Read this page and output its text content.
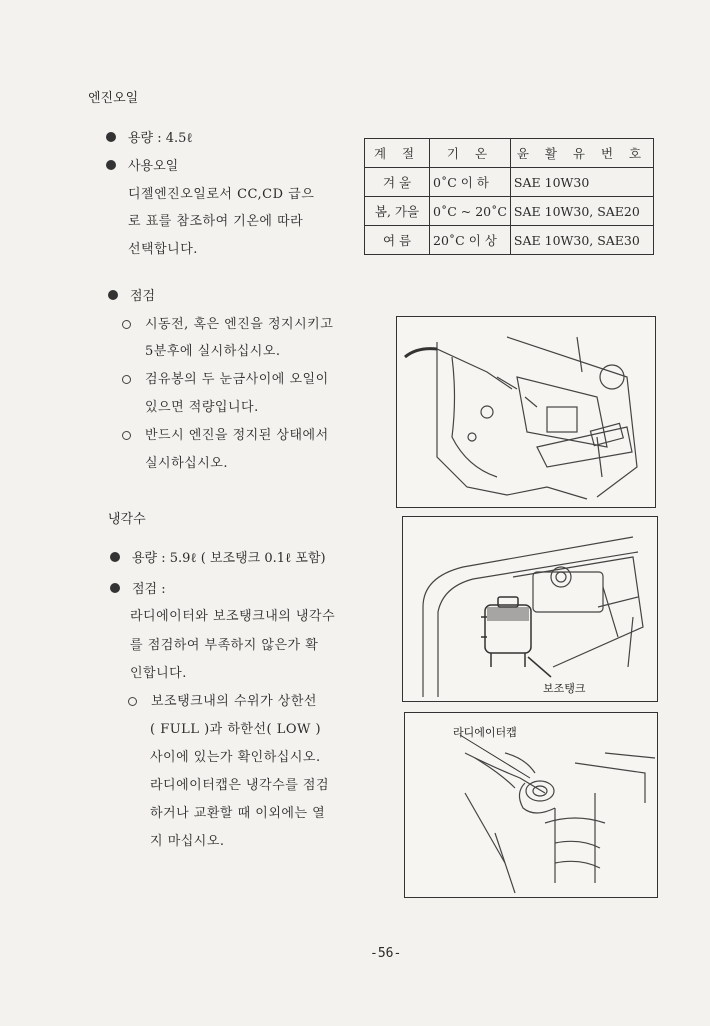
엔진오일
용량 : 4.5ℓ
사용오일
디젤엔진오일로서 CC,CD 급으
로 표를 참조하여 기온에 따라
선택합니다.
계 절	기 온	윤 활 유 번 호
겨 울	0˚C 이 하	SAE 10W30
봄, 가을	0˚C ~ 20˚C	SAE 10W30, SAE20
여 름	20˚C 이 상	SAE 10W30, SAE30
점검
시동전, 혹은 엔진을 정지시키고
5분후에 실시하십시오.
검유봉의 두 눈금사이에 오일이
있으면 적량입니다.
반드시 엔진을 정지된 상태에서
실시하십시오.
냉각수
용량 : 5.9ℓ ( 보조탱크 0.1ℓ 포함)
점검 :
라디에이터와 보조탱크내의 냉각수
를 점검하여 부족하지 않은가 확
인합니다.
보조탱크내의 수위가 상한선
( FULL )과 하한선( LOW )
사이에 있는가 확인하십시오.
라디에이터캡은 냉각수를 점검
하거나 교환할 때 이외에는 열
지 마십시오.
보조탱크
라디에이터캡
-56-
